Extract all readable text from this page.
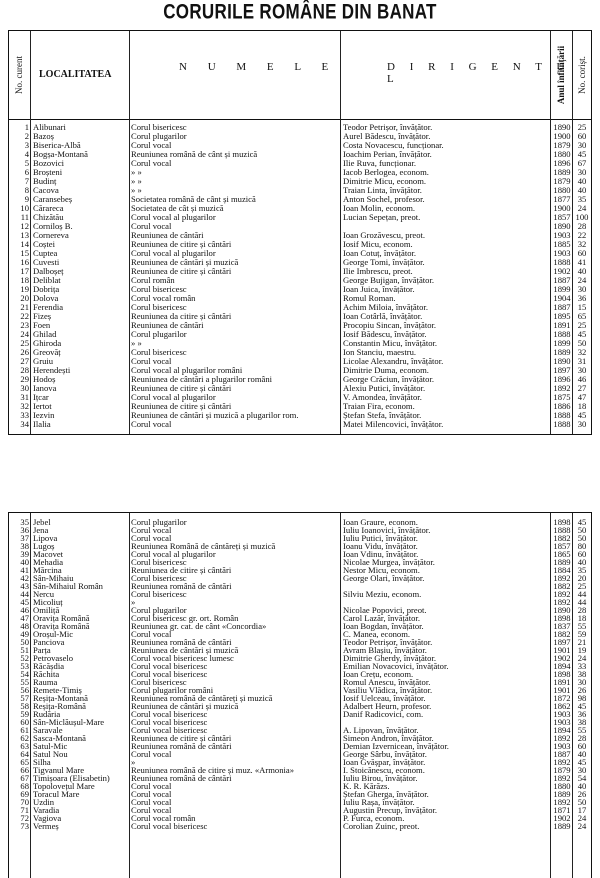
CORURILE ROMÂNE DIN BANAT
No. curent LOCALITATEA
N U M E L E	D I R I G E N T U L	Anul înființării No. corișt.
1 Alibunari	Corul bisericesc	Teodor Petrișor, învățător.	1890 25
2 Bazoș	Corul plugarilor	Aurel Bădescu, învățător.	1900 60
3 Biserica-Albă	Corul vocal	Costa Novacescu, funcționar.	1879 30
4 Bogșa-Montană	Reuniunea română de cânt și muzică	Ioachim Perian, învățător.	1880 45
5 Bozovici	Corul vocal	Ilie Ruva, funcționar.	1896 67
6 Broșteni	» »	Iacob Berlogea, econom.	1889 30
7 Budinț	» »	Dimitrie Micu, econom.	1879 40
8 Cacova	» »	Traian Linta, învățător.	1880 40
9 Caransebeș	Societatea română de cânt și muzică	Anton Sochel, profesor.	1877 35
10 Cărareca	Societatea de cât și muzică	Ioan Molin, econom.	1900 24
11 Chizătău	Corul vocal al plugarilor	Lucian Sepețan, preot.	1857 100
12 Corniloș B.	Corul vocal	1890 28
13 Cornereva	Reuniunea de cântări	Ioan Grozăvescu, preot.	1903 22
14 Coștei	Reuniunea de citire și cântări	Iosif Micu, econom.	1885 32
15 Cuptea	Corul vocal al plugarilor	Ioan Cotuț, învățător.	1903 60
16 Cuvesti	Reuniunea de cântări și muzică	George Tomi, învățător.	1888 41
17 Dalboșeț	Reuniunea de citire și cântări	Ilie Imbrescu, preot.	1902 40
18 Deliblat	Corul român	George Bujigan, învățător.	1887 24
19 Dobrița	Corul bisericesc	Ioan Juica, învățător.	1899 30
20 Dolova	Corul vocal român	Romul Roman.	1904 36
21 Ferendia	Corul bisericesc	Achim Miloia, învățător.	1887 15
22 Fizeș	Reuniunea da citire și cântări	Ioan Cotârlă, învățător.	1895 65
23 Foen	Reuniunea de cântări	Procopiu Sincan, învățător.	1891 25
24 Ghilad	Corul plugarilor	Iosif Bădescu, învățător.	1888 45
25 Ghiroda	» »	Constantin Micu, învățător.	1899 50
26 Greovăț	Corul bisericesc	Ion Stanciu, maestru.	1889 32
27 Gruiu	Corul vocal	Licolae Alexandru, învățător.	1890 31
28 Herendești	Corul vocal al plugarilor români	Dimitrie Duma, econom.	1897 30
29 Hodoș	Reuniunea de cântări a plugarilor români	George Crăciun, învățător.	1896 46
30 Ianova	Reuniunea de citire și cântări	Alexiu Putici, învățător.	1892 27
31 Ițcar	Corul vocal al plugarilor	V. Amondea, învățător.	1875 47
32 Iertot	Reuniunea de citire și cântări	Traian Fira, econom.	1886 18
33 Iezvin	Reuniunea de cântări și muzică a plugarilor rom.	Ștefan Stefa, învățător.	1888 45
34 Ilalia	Corul vocal	Matei Milencovici, învățător.	1888 30
35 Jebel	Corul plugarilor	Ioan Graure, econom.	1898 45
36 Jena	Corul vocal	Iuliu Ioanovici, învățător.	1888 50
37 Lipova	Corul vocal	Iuliu Putici, învățător.	1882 50
38 Lugoș	Reuniunea Română de cântăreți și muzică	Ioanu Vidu, învățător.	1857 80
39 Macovet	Corul vocal al plugarilor	Ioan Vdinu, învățător.	1865 60
40 Mehadia	Corul bisericesc	Nicolae Murgea, învățător.	1889 40
41 Mărcina	Reuniunea de citire și cântări	Nestor Micu, econom.	1884 35
42 Sân-Mihaiu	Corul bisericesc	George Olari, învățător.	1892 20
43 Sân-Mihaiul Român	Reuniunea română de cântări	1882 25
44 Nercu	Corul bisericesc	Silviu Meziu, econom.	1892 44
45 Micoliuț	»	1892 44
46 Omiliță	Corul plugarilor	Nicolae Popovici, preot.	1890 28
47 Oravița Română	Corul bisericesc gr. ort. Român	Carol Lazăr, învățător.	1898 18
48 Oravița Română	Reuniunea gr. cat. de cânt «Concordia»	Ioan Bogdan, învățător.	1837 55
49 Oroșul-Mic	Corul vocal	C. Manea, econom.	1882 59
50 Panciova	Reuniunea română de cântări	Teodor Petrișor, învățător.	1897 21
51 Parța	Reuniunea de cântări și muzică	Avram Blașiu, învățător.	1901 19
52 Petrovaselo	Corul vocal bisericesc lumesc	Dimitrie Gherdy, învățător.	1902 24
53 Răcășdia	Corul vocal bisericesc	Emilian Novacovici, învățător.	1894 33
54 Răchita	Corul vocal bisericesc	Ioan Crețu, econom.	1898 38
55 Rauma	Corul bisericesc	Romul Anescu, învățător.	1891 30
56 Remete-Timiș	Corul plugarilor români	Vasiliu Vlădica, învățător.	1901 26
57 Reșița-Montană	Reuniunea română de cântăreți și muzică	Iosif Uelceau, învățător.	1872 98
58 Reșița-Română	Reuniunea de cântări și muzică	Adalbert Heurn, profesor.	1862 45
59 Rudăria	Corul vocal bisericesc	Danif Radicovici, com.	1903 36
60 Sân-Miclăușul-Mare	Corul vocal bisericesc	1903 38
61 Saravale	Corul vocal bisericesc	A. Lipovan, învățător.	1894 55
62 Sasca-Montană	Reuniunea de citire și cântări	Simeon Andron, învățător.	1892 28
63 Satul-Mic	Reuniunea română de cântări	Demian Izvernicean, învățător.	1903 60
64 Satul Nou	Corul vocal	George Sârbu, învățător.	1887 40
65 Silha	»	Ioan Gvășpar, învățător.	1892 45
66 Tigvanul Mare	Reuniunea română de citire și muz. «Armonia»	I. Stoicănescu, econom.	1879 30
67 Timișoara (Elisabetin)	Reuniunea română de cântări	Iuliu Birou, învățător.	1892 54
68 Topolovețul Mare	Corul vocal	K. R. Kărăzs.	1880 40
69 Toracul Mare	Corul vocal	Ștefan Gherga, învățător.	1889 26
70 Uzdin	Corul vocal	Iuliu Rașa, învățător.	1892 50
71 Varadia	Corul vocal	Augustin Precup, învățător.	1871 17
72 Vagiova	Corul vocal român	P. Furca, econom.	1902 24
73 Vermeș	Corul vocal bisericesc	Corolian Zuinc, preot.	1889 24
